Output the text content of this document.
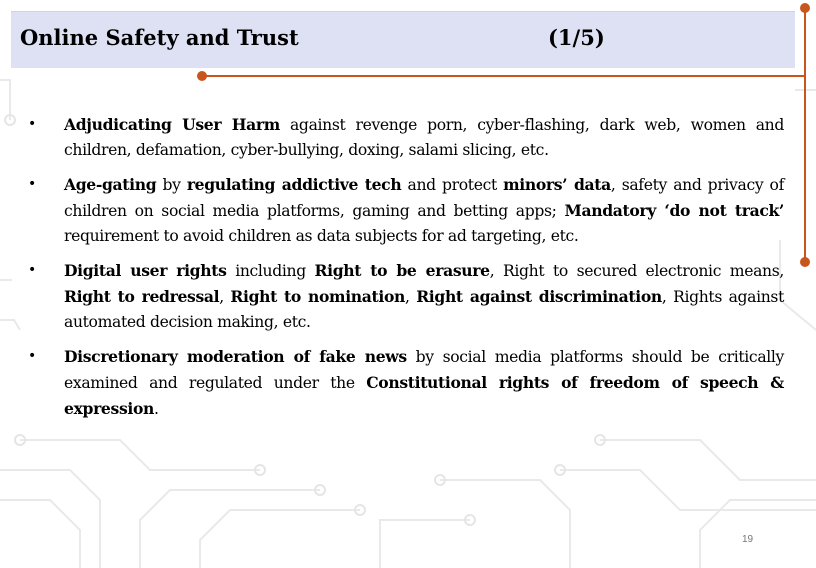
Online Safety and Trust	(1/5)
• Adjudicating User Harm against revenge porn, cyber-flashing, dark web, women and children, defamation, cyber-bullying, doxing, salami slicing, etc.
• Age-gating by regulating addictive tech and protect minors’ data, safety and privacy of children on social media platforms, gaming and betting apps; Mandatory ‘do not track’ requirement to avoid children as data subjects for ad targeting, etc.
• Digital user rights including Right to be erasure, Right to secured electronic means, Right to redressal, Right to nomination, Right against discrimination, Rights against automated decision making, etc.
• Discretionary moderation of fake news by social media platforms should be critically examined and regulated under the Constitutional rights of freedom of speech & expression.
19
